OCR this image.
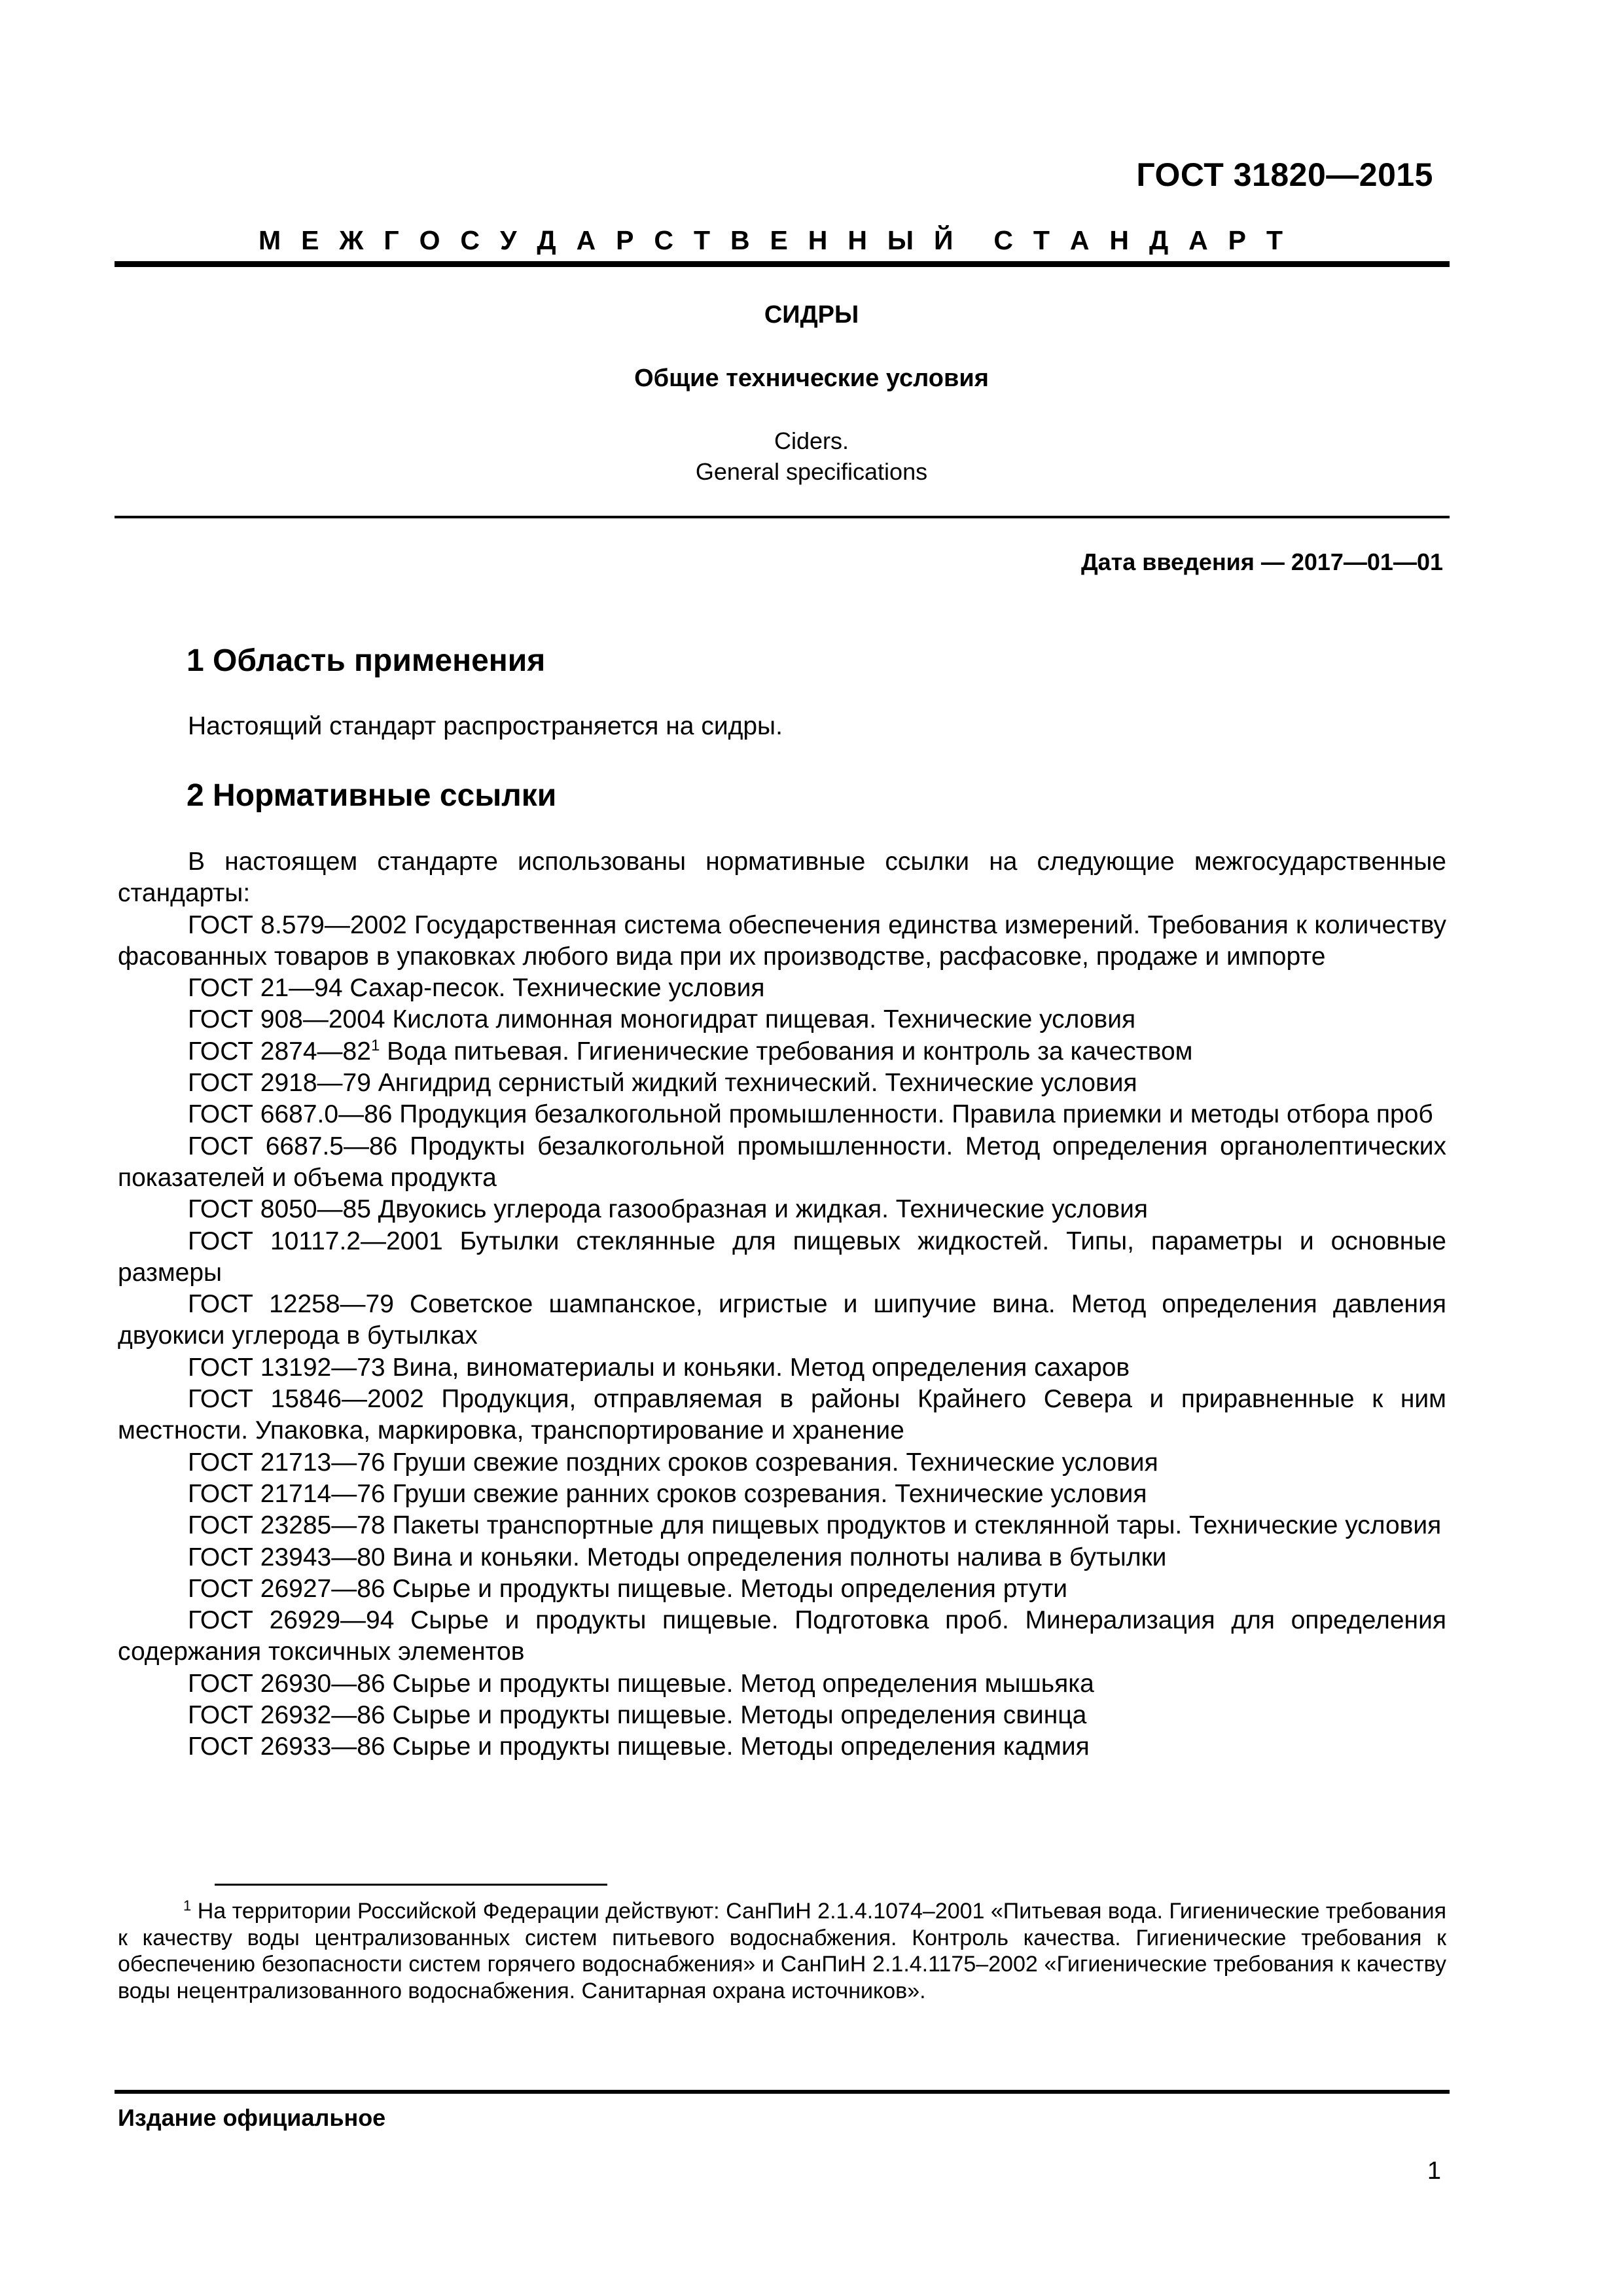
ГОСТ 31820—2015
М Е Ж Г О С У Д А Р С Т В Е Н Н Ы Й С Т А Н Д А Р Т
СИДРЫ
Общие технические условия
Ciders.
General specifications
Дата введения — 2017—01—01
1 Область применения

Настоящий стандарт распространяется на сидры.

2 Нормативные ссылки

В настоящем стандарте использованы нормативные ссылки на следующие межгосударственные стандарты:

ГОСТ 8.579—2002 Государственная система обеспечения единства измерений. Требования к количеству фасованных товаров в упаковках любого вида при их производстве, расфасовке, продаже и импорте

ГОСТ 21—94 Сахар-песок. Технические условия

ГОСТ 908—2004 Кислота лимонная моногидрат пищевая. Технические условия

ГОСТ $2874—82^1$ Вода питьевая. Гигиенические требования и контроль за качеством

ГОСТ 2918—79 Ангидрид сернистый жидкий технический. Технические условия

ГОСТ 6687.0—86 Продукция безалкогольной промышленности. Правила приемки и методы отбора проб

ГОСТ 6687.5—86 Продукты безалкогольной промышленности. Метод определения органолептических показателей и объема продукта

ГОСТ 8050—85 Двуокись углерода газообразная и жидкая. Технические условия

ГОСТ 10117.2—2001 Бутылки стеклянные для пищевых жидкостей. Типы, параметры и основные размеры

ГОСТ 12258—79 Советское шампанское, игристые и шипучие вина. Метод определения давления двуокиси углерода в бутылках

ГОСТ 13192—73 Вина, виноматериалы и коньяки. Метод определения сахаров

ГОСТ 15846—2002 Продукция, отправляемая в районы Крайнего Севера и приравненные к ним местности. Упаковка, маркировка, транспортирование и хранение

ГОСТ 21713—76 Груши свежие поздних сроков созревания. Технические условия

ГОСТ 21714—76 Груши свежие ранних сроков созревания. Технические условия

ГОСТ 23285—78 Пакеты транспортные для пищевых продуктов и стеклянной тары. Технические условия

ГОСТ 23943—80 Вина и коньяки. Методы определения полноты налива в бутылки

ГОСТ 26927—86 Сырье и продукты пищевые. Методы определения ртути

ГОСТ 26929—94 Сырье и продукты пищевые. Подготовка проб. Минерализация для определения содержания токсичных элементов

ГОСТ 26930—86 Сырье и продукты пищевые. Метод определения мышьяка

ГОСТ 26932—86 Сырье и продукты пищевые. Методы определения свинца

ГОСТ 26933—86 Сырье и продукты пищевые. Методы определения кадмия

$^1$ На территории Российской Федерации действуют: СанПиН 2.1.4.1074–2001 «Питьевая вода. Гигиенические требования к качеству воды централизованных систем питьевого водоснабжения. Контроль качества. Гигиенические требования к обеспечению безопасности систем горячего водоснабжения» и СанПиН 2.1.4.1175–2002 «Гигиенические требования к качеству воды нецентрализованного водоснабжения. Санитарная охрана источников».

Издание официальное
1
